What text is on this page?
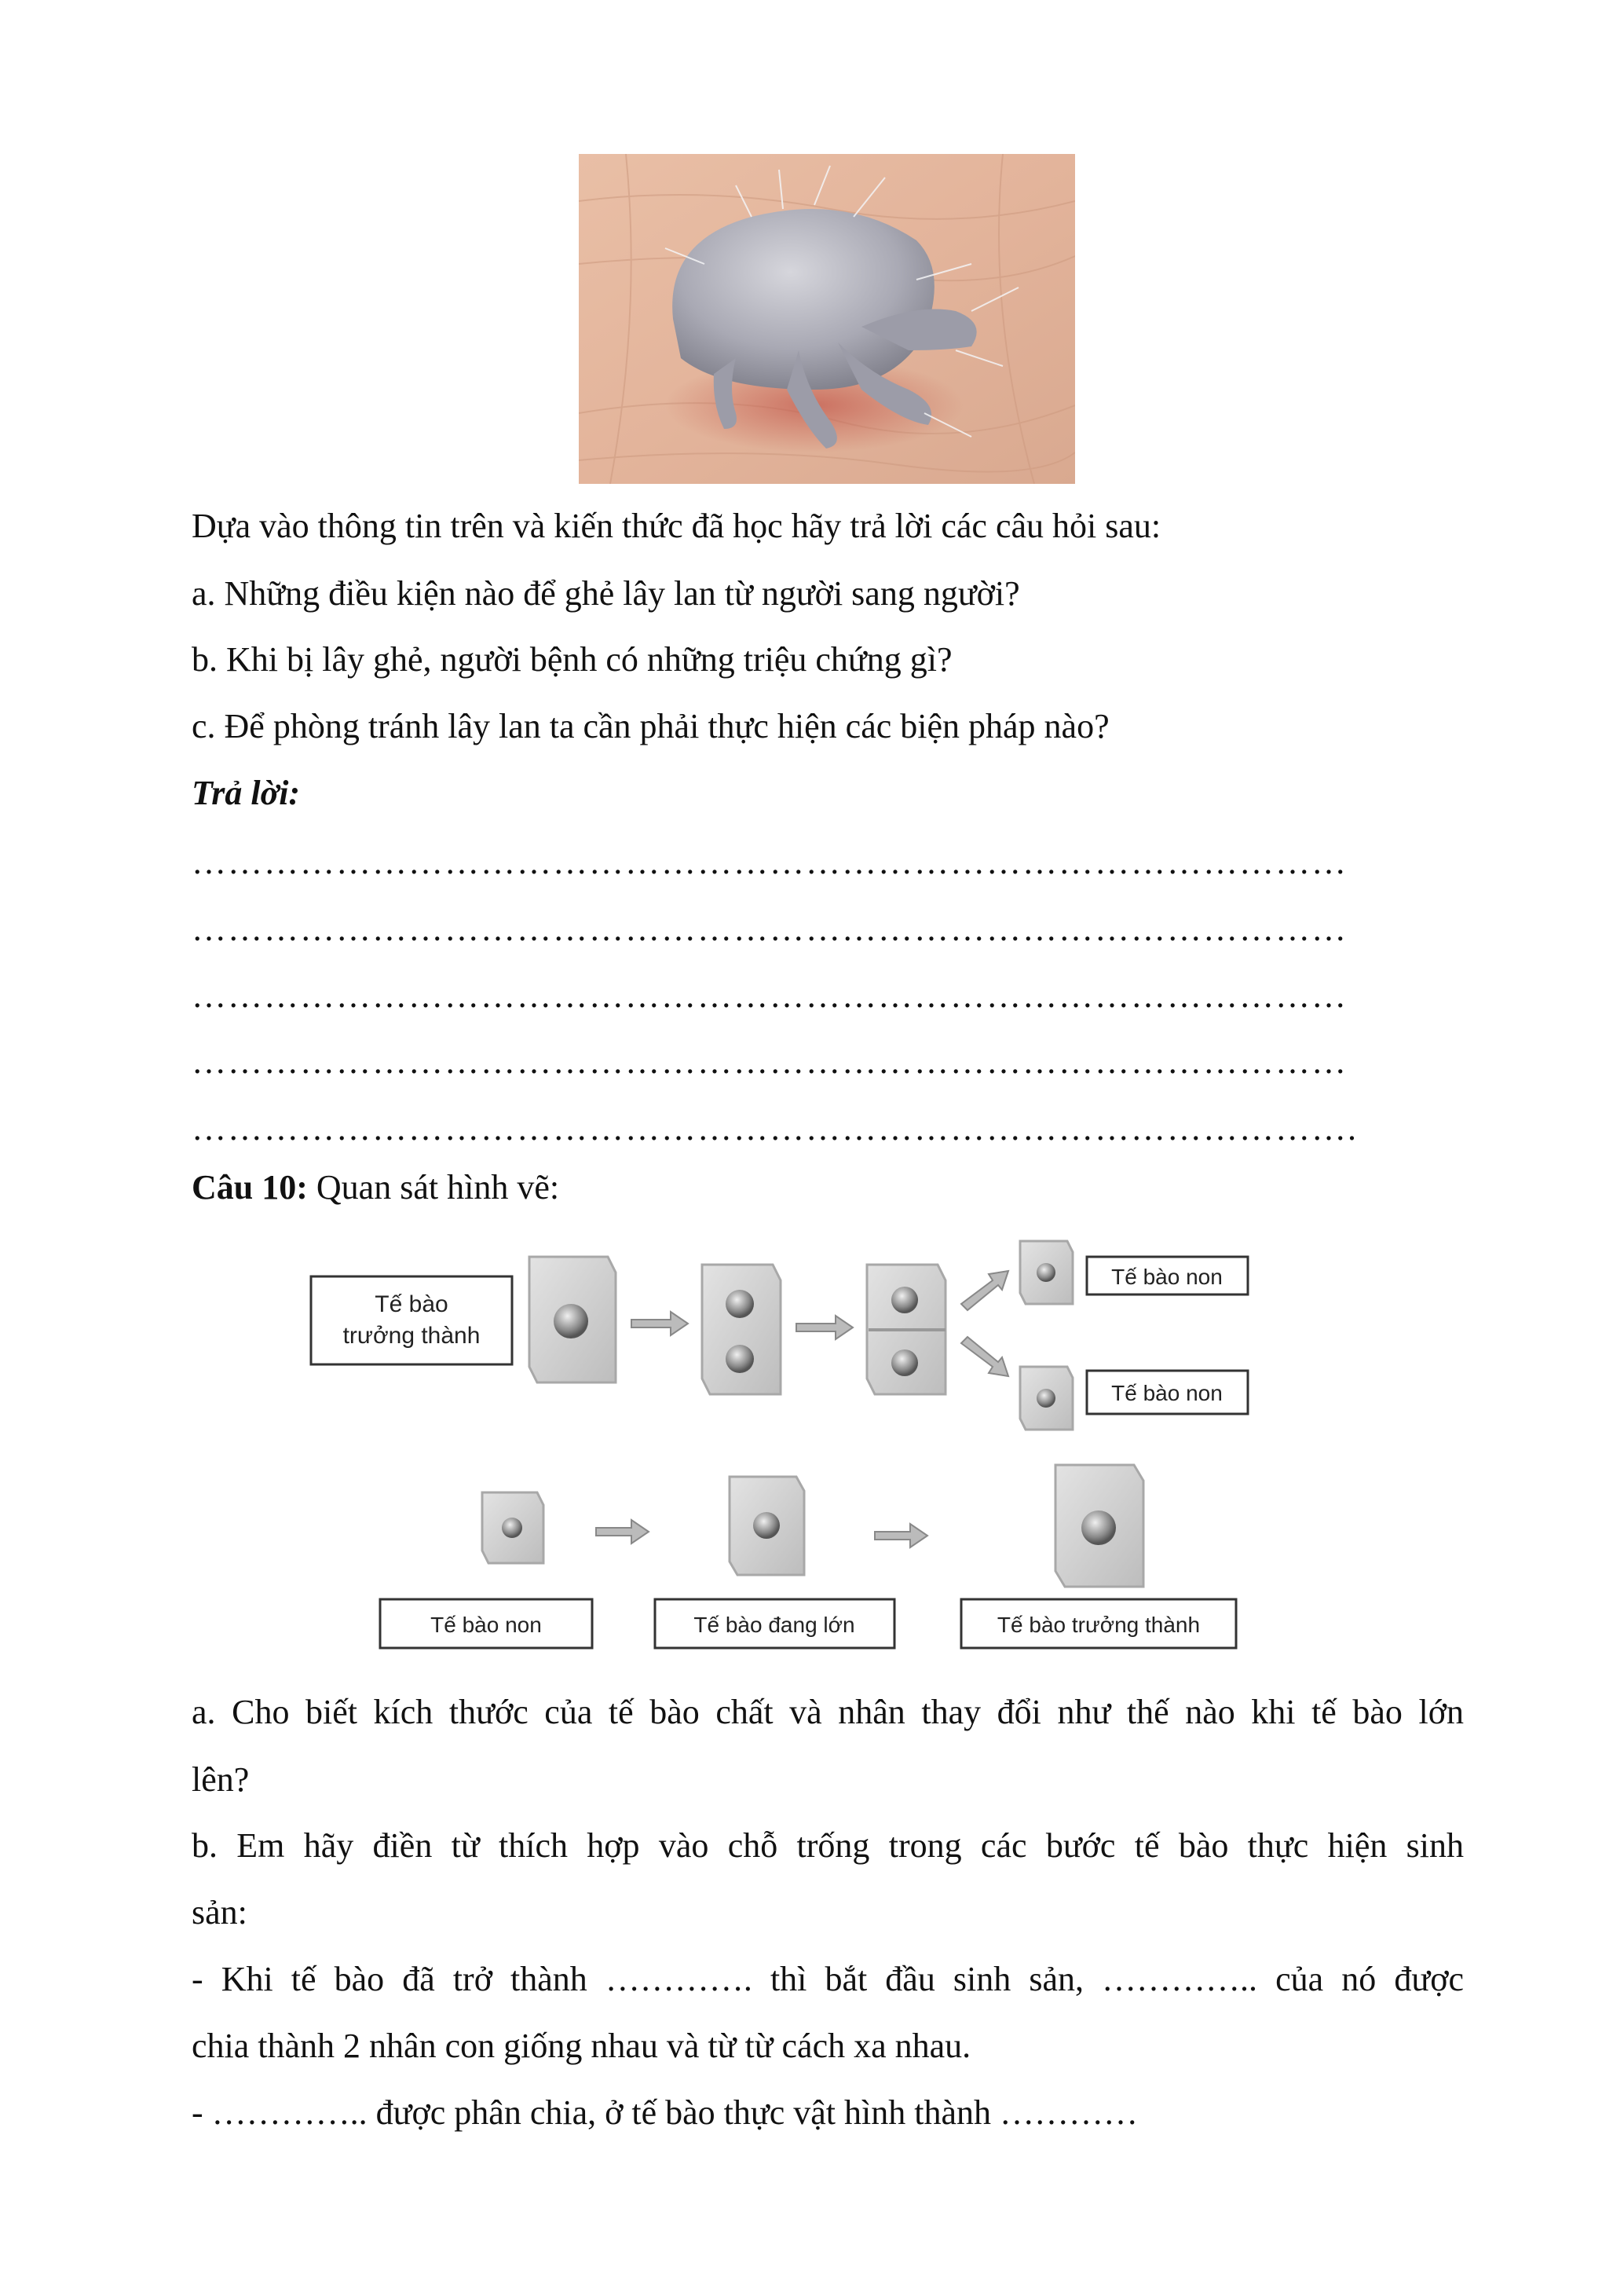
Dựa vào thông tin trên và kiến thức đã học hãy trả lời các câu hỏi sau:
a. Những điều kiện nào để ghẻ lây lan từ người sang người?
b. Khi bị lây ghẻ, người bệnh có những triệu chứng gì?
c. Để phòng tránh lây lan ta cần phải thực hiện các biện pháp nào?
Trả lời:
……………………………………………………………………………………
……………………………………………………………………………………
……………………………………………………………………………………
……………………………………………………………………………………
…………………………………………………………………………………….
Câu 10: Quan sát hình vẽ:
Tế bào
trưởng thành
Tế bào non
Tế bào non
Tế bào non	Tế bào đang lớn	Tế bào trưởng thành
a. Cho biết kích thước của tế bào chất và nhân thay đổi như thế nào khi tế bào lớn
lên?
b. Em hãy điền từ thích hợp vào chỗ trống trong các bước tế bào thực hiện sinh
sản:
- Khi tế bào đã trở thành …………. thì bắt đầu sinh sản, ………….. của nó được
chia thành 2 nhân con giống nhau và từ từ cách xa nhau.
- ………….. được phân chia, ở tế bào thực vật hình thành …………
